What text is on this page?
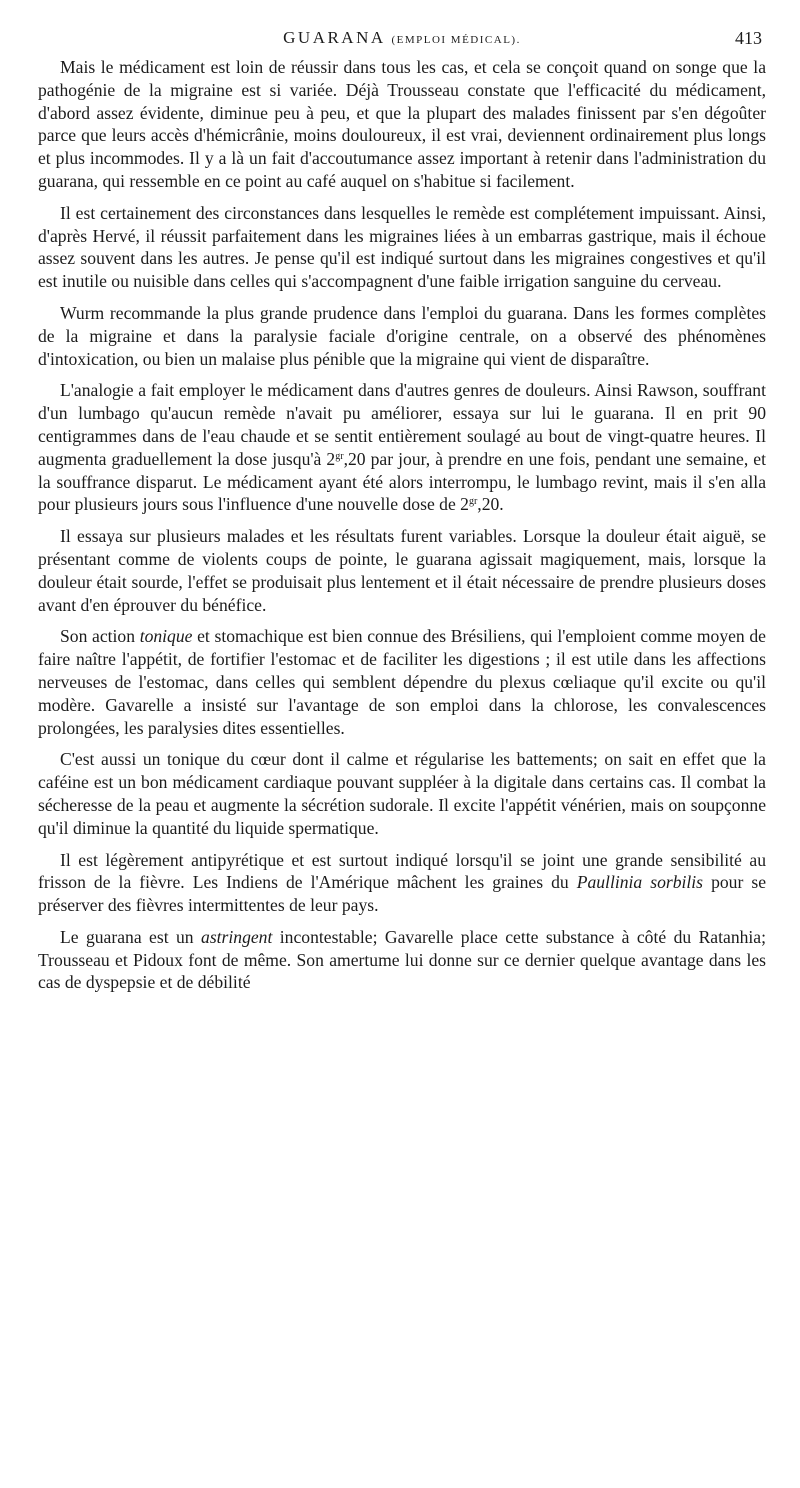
GUARANA (EMPLOI MÉDICAL).	413

Mais le médicament est loin de réussir dans tous les cas, et cela se conçoit quand on songe que la pathogénie de la migraine est si variée. Déjà Trousseau constate que l'efficacité du médicament, d'abord assez évidente, diminue peu à peu, et que la plupart des malades finissent par s'en dégoûter parce que leurs accès d'hémicrânie, moins douloureux, il est vrai, deviennent ordinairement plus longs et plus incommodes. Il y a là un fait d'accoutumance assez important à retenir dans l'administration du guarana, qui ressemble en ce point au café auquel on s'habitue si facilement.

Il est certainement des circonstances dans lesquelles le remède est complétement impuissant. Ainsi, d'après Hervé, il réussit parfaitement dans les migraines liées à un embarras gastrique, mais il échoue assez souvent dans les autres. Je pense qu'il est indiqué surtout dans les migraines congestives et qu'il est inutile ou nuisible dans celles qui s'accompagnent d'une faible irrigation sanguine du cerveau.

Wurm recommande la plus grande prudence dans l'emploi du guarana. Dans les formes complètes de la migraine et dans la paralysie faciale d'origine centrale, on a observé des phénomènes d'intoxication, ou bien un malaise plus pénible que la migraine qui vient de disparaître.

L'analogie a fait employer le médicament dans d'autres genres de douleurs. Ainsi Rawson, souffrant d'un lumbago qu'aucun remède n'avait pu améliorer, essaya sur lui le guarana. Il en prit 90 centigrammes dans de l'eau chaude et se sentit entièrement soulagé au bout de vingt-quatre heures. Il augmenta graduellement la dose jusqu'à $2^{gr},20$ par jour, à prendre en une fois, pendant une semaine, et la souffrance disparut. Le médicament ayant été alors interrompu, le lumbago revint, mais il s'en alla pour plusieurs jours sous l'influence d'une nouvelle dose de $2^{gr},20$.

Il essaya sur plusieurs malades et les résultats furent variables. Lorsque la douleur était aiguë, se présentant comme de violents coups de pointe, le guarana agissait magiquement, mais, lorsque la douleur était sourde, l'effet se produisait plus lentement et il était nécessaire de prendre plusieurs doses avant d'en éprouver du bénéfice.

Son action tonique et stomachique est bien connue des Brésiliens, qui l'emploient comme moyen de faire naître l'appétit, de fortifier l'estomac et de faciliter les digestions ; il est utile dans les affections nerveuses de l'estomac, dans celles qui semblent dépendre du plexus cœliaque qu'il excite ou qu'il modère. Gavarelle a insisté sur l'avantage de son emploi dans la chlorose, les convalescences prolongées, les paralysies dites essentielles.

C'est aussi un tonique du cœur dont il calme et régularise les battements; on sait en effet que la caféine est un bon médicament cardiaque pouvant suppléer à la digitale dans certains cas. Il combat la sécheresse de la peau et augmente la sécrétion sudorale. Il excite l'appétit vénérien, mais on soupçonne qu'il diminue la quantité du liquide spermatique.

Il est légèrement antipyrétique et est surtout indiqué lorsqu'il se joint une grande sensibilité au frisson de la fièvre. Les Indiens de l'Amérique mâchent les graines du Paullinia sorbilis pour se préserver des fièvres intermittentes de leur pays.

Le guarana est un astringent incontestable; Gavarelle place cette substance à côté du Ratanhia; Trousseau et Pidoux font de même. Son amertume lui donne sur ce dernier quelque avantage dans les cas de dyspepsie et de débilité
